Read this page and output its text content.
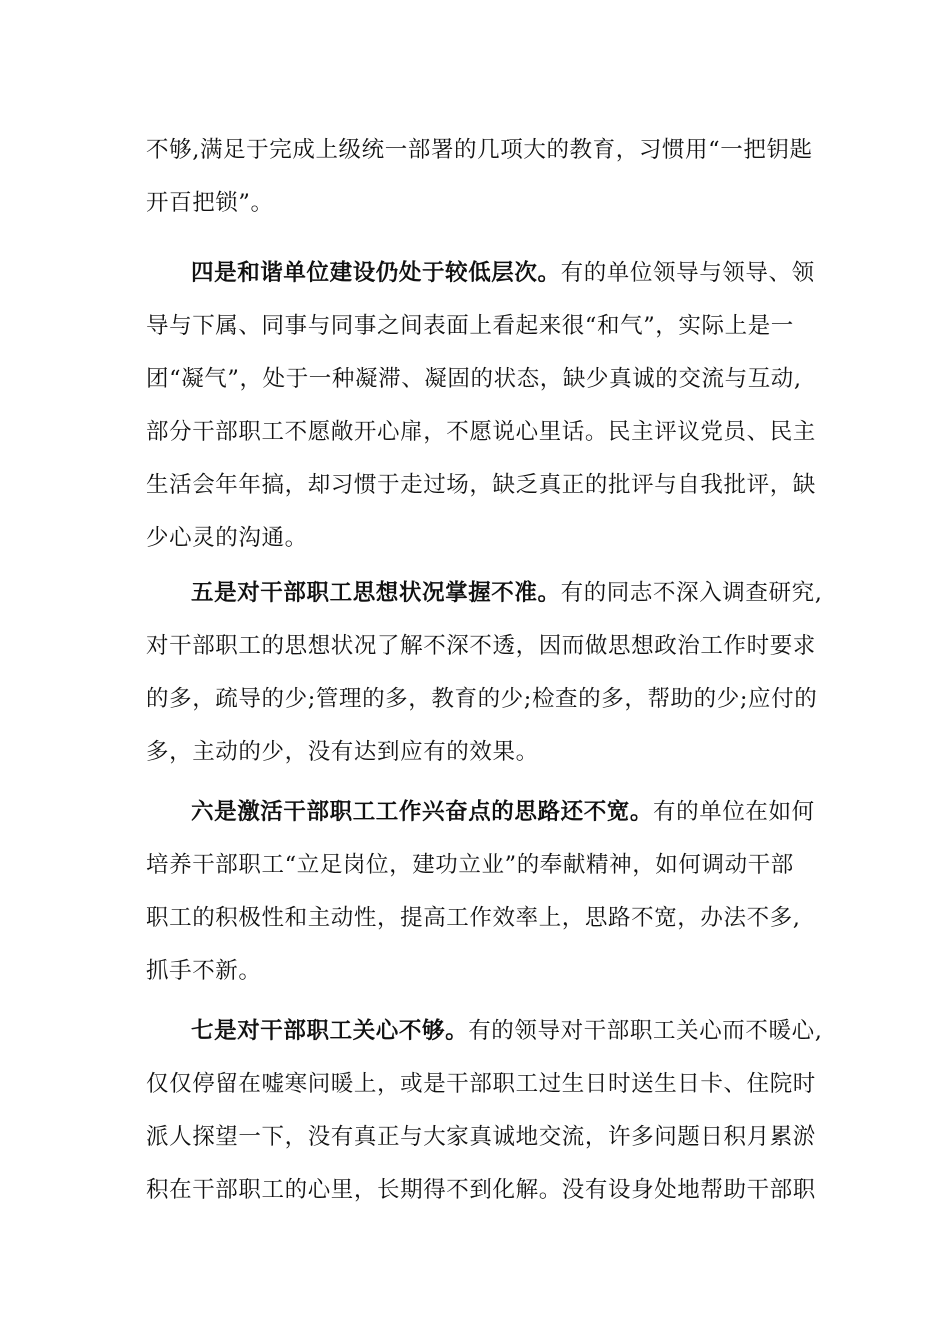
不够,满足于完成上级统一部署的几项大的教育，习惯用“一把钥匙
开百把锁”。
四是和谐单位建设仍处于较低层次。有的单位领导与领导、领
导与下属、同事与同事之间表面上看起来很“和气”，实际上是一
团“凝气”，处于一种凝滞、凝固的状态，缺少真诚的交流与互动,
部分干部职工不愿敞开心扉，不愿说心里话。民主评议党员、民主
生活会年年搞，却习惯于走过场，缺乏真正的批评与自我批评，缺
少心灵的沟通。
五是对干部职工思想状况掌握不准。有的同志不深入调查研究,
对干部职工的思想状况了解不深不透，因而做思想政治工作时要求
的多，疏导的少;管理的多，教育的少;检查的多，帮助的少;应付的
多，主动的少，没有达到应有的效果。
六是激活干部职工工作兴奋点的思路还不宽。有的单位在如何
培养干部职工“立足岗位，建功立业”的奉献精神，如何调动干部
职工的积极性和主动性，提高工作效率上，思路不宽，办法不多,
抓手不新。
七是对干部职工关心不够。有的领导对干部职工关心而不暖心,
仅仅停留在嘘寒问暖上，或是干部职工过生日时送生日卡、住院时
派人探望一下，没有真正与大家真诚地交流，许多问题日积月累淤
积在干部职工的心里，长期得不到化解。没有设身处地帮助干部职
